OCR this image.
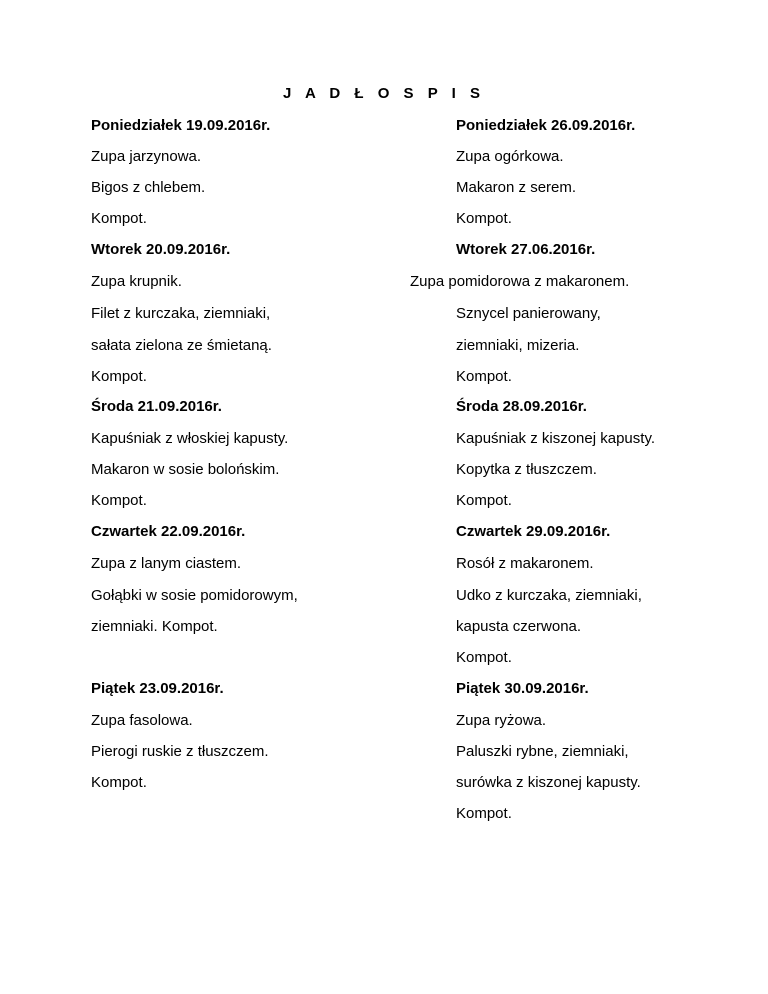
J A D Ł O S P I S
Poniedziałek 19.09.2016r.
Zupa jarzynowa.
Bigos z chlebem.
Kompot.
Wtorek 20.09.2016r.
Zupa krupnik.
Filet z kurczaka, ziemniaki,
sałata zielona ze śmietaną.
Kompot.
Środa 21.09.2016r.
Kapuśniak z włoskiej kapusty.
Makaron w sosie bolońskim.
Kompot.
Czwartek 22.09.2016r.
Zupa z lanym ciastem.
Gołąbki w sosie pomidorowym,
ziemniaki. Kompot.
Piątek 23.09.2016r.
Zupa fasolowa.
Pierogi ruskie z tłuszczem.
Kompot.
Poniedziałek 26.09.2016r.
Zupa ogórkowa.
Makaron z serem.
Kompot.
Wtorek 27.06.2016r.
Zupa pomidorowa z makaronem.
Sznycel panierowany,
ziemniaki, mizeria.
Kompot.
Środa 28.09.2016r.
Kapuśniak z kiszonej kapusty.
Kopytka z tłuszczem.
Kompot.
Czwartek 29.09.2016r.
Rosół z makaronem.
Udko z kurczaka, ziemniaki,
kapusta czerwona.
Kompot.
Piątek 30.09.2016r.
Zupa ryżowa.
Paluszki rybne, ziemniaki,
surówka z kiszonej kapusty.
Kompot.
